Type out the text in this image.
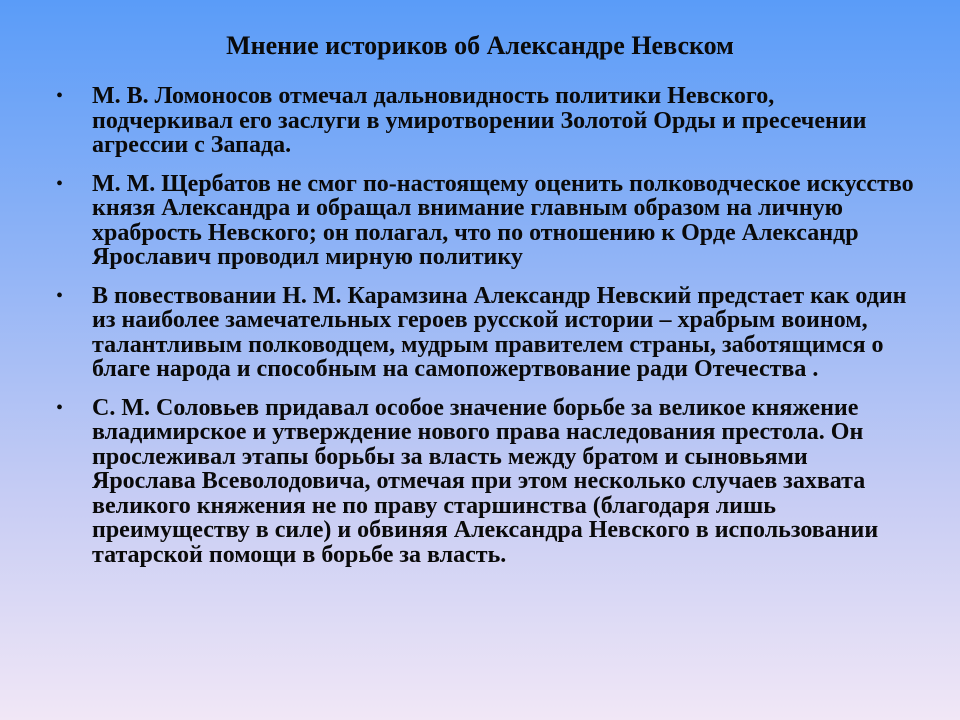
Мнение историков об Александре Невском
• М. В. Ломоносов отмечал дальновидность политики Невского, подчеркивал его заслуги в умиротворении Золотой Орды и пресечении агрессии с Запада.
• М. М. Щербатов не смог по-настоящему оценить полководческое искусство князя Александра и обращал внимание главным образом на личную храбрость Невского; он полагал, что по отношению к Орде Александр Ярославич проводил мирную политику
• В повествовании Н. М. Карамзина Александр Невский предстает как один из наиболее замечательных героев русской истории – храбрым воином, талантливым полководцем, мудрым правителем страны, заботящимся о благе народа и способным на самопожертвование ради Отечества .
• С. М. Соловьев придавал особое значение борьбе за великое княжение владимирское и утверждение нового права наследования престола. Он прослеживал этапы борьбы за власть между братом и сыновьями Ярослава Всеволодовича, отмечая при этом несколько случаев захвата великого княжения не по праву старшинства (благодаря лишь преимуществу в силе) и обвиняя Александра Невского в использовании татарской помощи в борьбе за власть.
